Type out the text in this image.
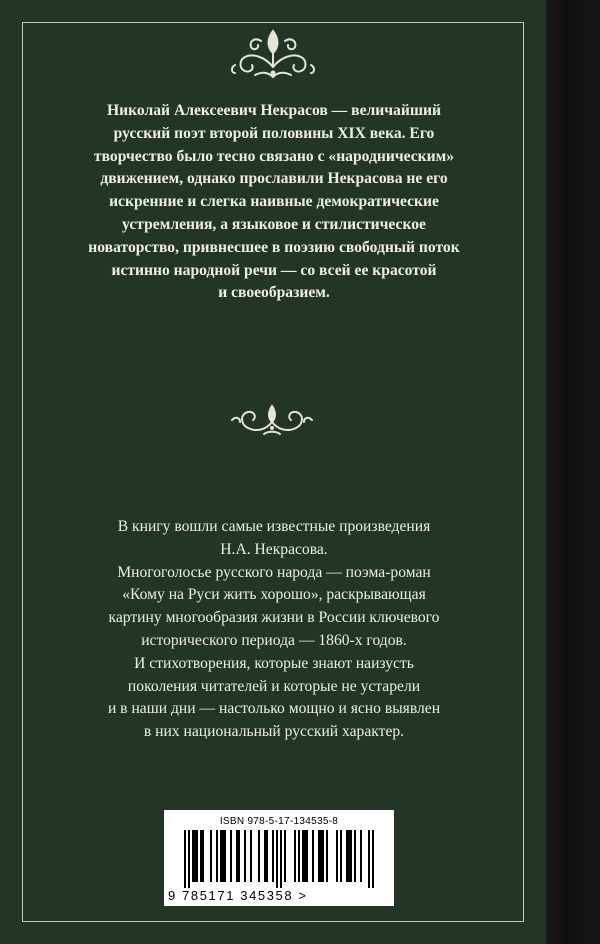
Николай Алексеевич Некрасов — величайший
русский поэт второй половины XIX века. Его
творчество было тесно связано с «народническим»
движением, однако прославили Некрасова не его
искренние и слегка наивные демократические
устремления, а языковое и стилистическое
новаторство, привнесшее в поэзию свободный поток
истинно народной речи — со всей ее красотой
и своеобразием.

В книгу вошли самые известные произведения
Н.А. Некрасова.
Многоголосье русского народа — поэма-роман
«Кому на Руси жить хорошо», раскрывающая
картину многообразия жизни в России ключевого
исторического периода — 1860-х годов.
И стихотворения, которые знают наизусть
поколения читателей и которые не устарели
и в наши дни — настолько мощно и ясно выявлен
в них национальный русский характер.

ISBN 978-5-17-134535-8
9 785171 345358 >
